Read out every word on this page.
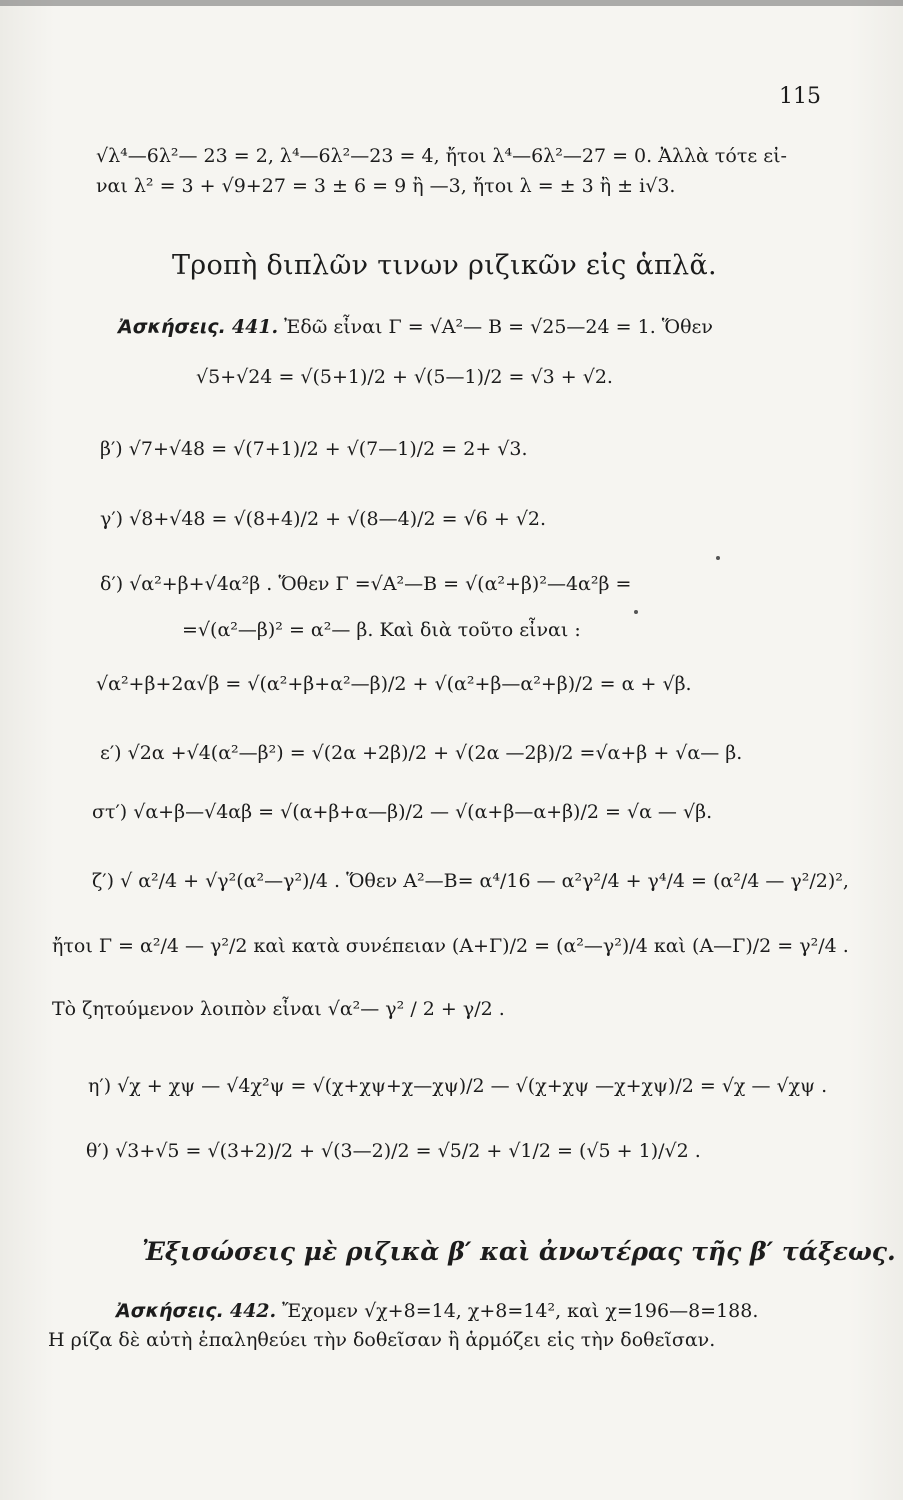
115
√λ⁴—6λ²— 23 = 2, λ⁴—6λ²—23 = 4, ἤτοι λ⁴—6λ²—27 = 0. Ἀλλὰ τότε εἰ-
ναι λ² = 3 + √9+27 = 3 ± 6 = 9 ἢ —3, ἤτοι λ = ± 3 ἢ ± i√3.
Τροπὴ διπλῶν τινων ριζικῶν εἰς ἁπλᾶ.
Ἀσκήσεις. 441. Ἐδῶ εἶναι Γ = √Α²— Β = √25—24 = 1. Ὅθεν
√5+√24 = √(5+1)/2 + √(5—1)/2 = √3 + √2.
β′) √7+√48 = √(7+1)/2 + √(7—1)/2 = 2+ √3.
γ′) √8+√48 = √(8+4)/2 + √(8—4)/2 = √6 + √2.
δ′) √α²+β+√4α²β . Ὅθεν Γ =√Α²—Β = √(α²+β)²—4α²β =
=√(α²—β)² = α²— β. Καὶ διὰ τοῦτο εἶναι :
√α²+β+2α√β = √(α²+β+α²—β)/2 + √(α²+β—α²+β)/2 = α + √β.
ε′) √2α +√4(α²—β²) = √(2α +2β)/2 + √(2α —2β)/2 =√α+β + √α— β.
στ′) √α+β—√4αβ = √(α+β+α—β)/2 — √(α+β—α+β)/2 = √α — √β.
ζ′) √ α²/4 + √γ²(α²—γ²)/4 . Ὅθεν Α²—Β= α⁴/16 — α²γ²/4 + γ⁴/4 = (α²/4 — γ²/2)²,
ἤτοι Γ = α²/4 — γ²/2 καὶ κατὰ συνέπειαν (Α+Γ)/2 = (α²—γ²)/4 καὶ (Α—Γ)/2 = γ²/4 .
Τὸ ζητούμενον λοιπὸν εἶναι √α²— γ² / 2 + γ/2 .
η′) √χ + χψ — √4χ²ψ = √(χ+χψ+χ—χψ)/2 — √(χ+χψ —χ+χψ)/2 = √χ — √χψ .
θ′) √3+√5 = √(3+2)/2 + √(3—2)/2 = √5/2 + √1/2 = (√5 + 1)/√2 .
Ἐξισώσεις μὲ ριζικὰ β′ καὶ ἀνωτέρας τῆς β′ τάξεως.
Ἀσκήσεις. 442. Ἔχομεν √χ+8=14, χ+8=14², καὶ χ=196—8=188.
Η ρίζα δὲ αὐτὴ ἐπαληθεύει τὴν δοθεῖσαν ἢ ἁρμόζει εἰς τὴν δοθεῖσαν.
